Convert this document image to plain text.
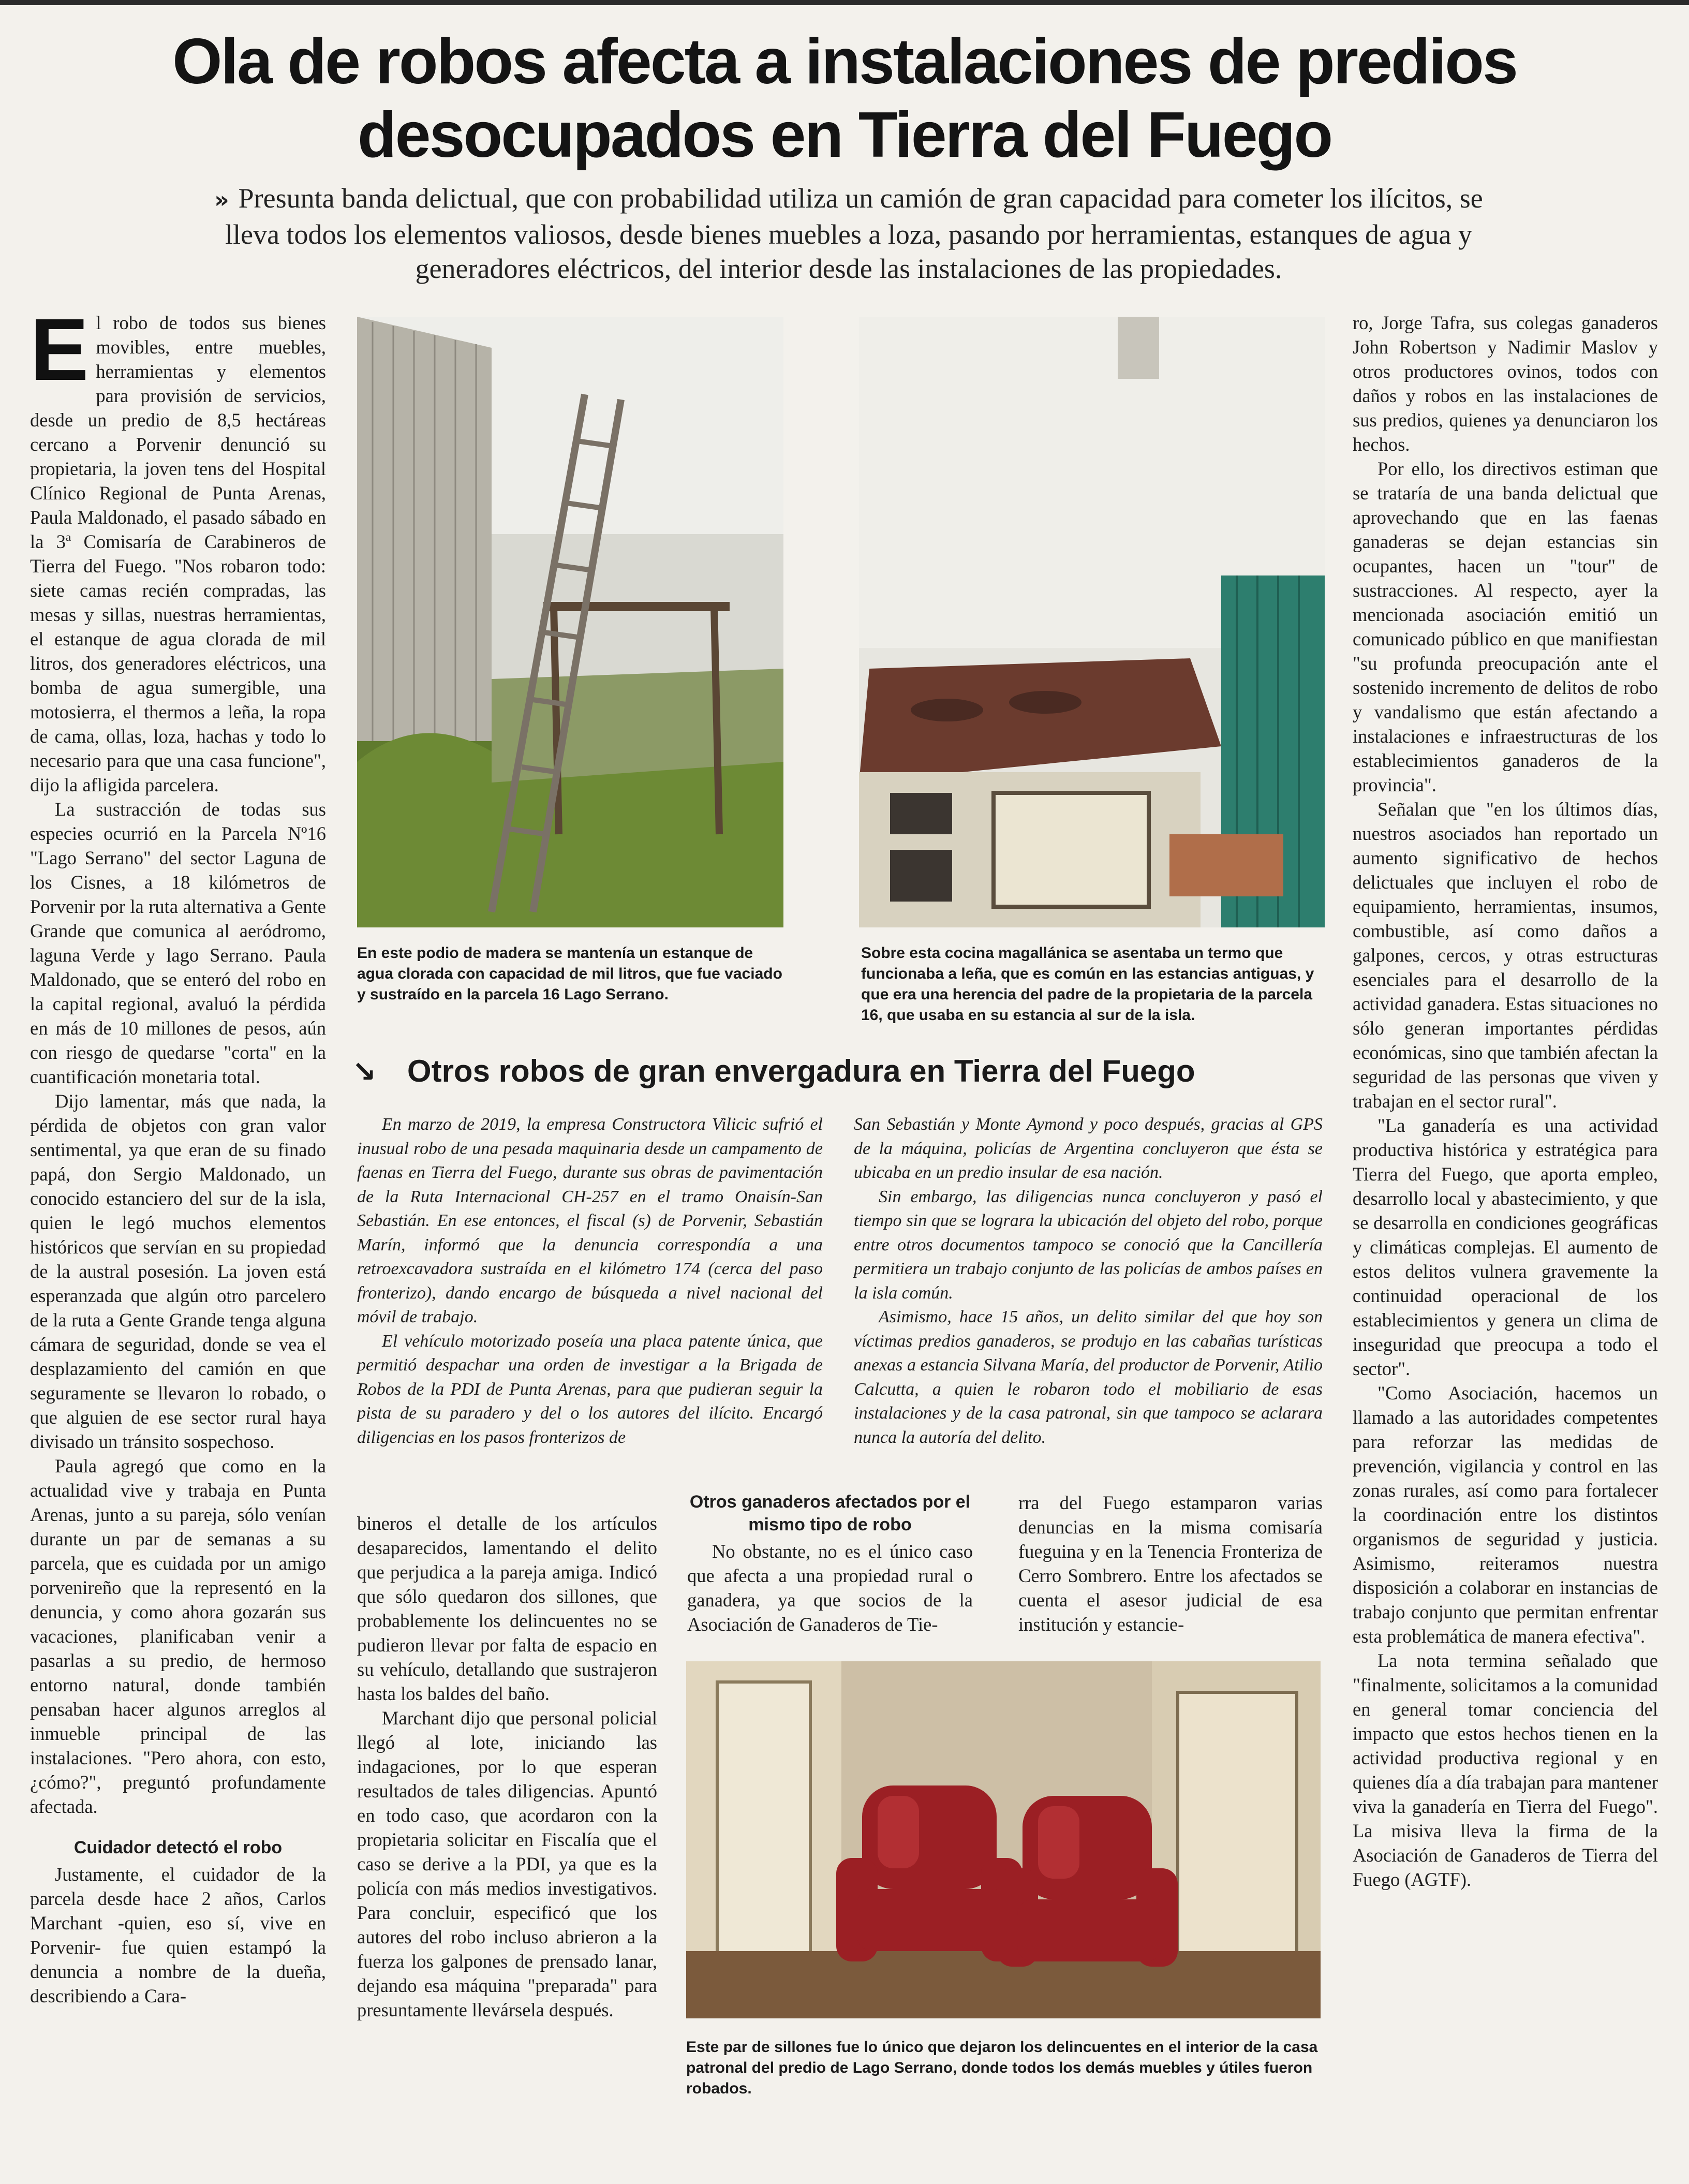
Ola de robos afecta a instalaciones de predios desocupados en Tierra del Fuego
» Presunta banda delictual, que con probabilidad utiliza un camión de gran capacidad para cometer los ilícitos, se lleva todos los elementos valiosos, desde bienes muebles a loza, pasando por herramientas, estanques de agua y generadores eléctricos, del interior desde las instalaciones de las propiedades.

El robo de todos sus bienes movibles, entre muebles, herramientas y elementos para provisión de servicios, desde un predio de 8,5 hectáreas cercano a Porvenir denunció su propietaria, la joven tens del Hospital Clínico Regional de Punta Arenas, Paula Maldonado, el pasado sábado en la 3ª Comisaría de Carabineros de Tierra del Fuego. "Nos robaron todo: siete camas recién compradas, las mesas y sillas, nuestras herramientas, el estanque de agua clorada de mil litros, dos generadores eléctricos, una bomba de agua sumergible, una motosierra, el thermos a leña, la ropa de cama, ollas, loza, hachas y todo lo necesario para que una casa funcione", dijo la afligida parcelera.

La sustracción de todas sus especies ocurrió en la Parcela Nº16 "Lago Serrano" del sector Laguna de los Cisnes, a 18 kilómetros de Porvenir por la ruta alternativa a Gente Grande que comunica al aeródromo, laguna Verde y lago Serrano. Paula Maldonado, que se enteró del robo en la capital regional, avaluó la pérdida en más de 10 millones de pesos, aún con riesgo de quedarse "corta" en la cuantificación monetaria total.

Dijo lamentar, más que nada, la pérdida de objetos con gran valor sentimental, ya que eran de su finado papá, don Sergio Maldonado, un conocido estanciero del sur de la isla, quien le legó muchos elementos históricos que servían en su propiedad de la austral posesión. La joven está esperanzada que algún otro parcelero de la ruta a Gente Grande tenga alguna cámara de seguridad, donde se vea el desplazamiento del camión en que seguramente se llevaron lo robado, o que alguien de ese sector rural haya divisado un tránsito sospechoso.

Paula agregó que como en la actualidad vive y trabaja en Punta Arenas, junto a su pareja, sólo venían durante un par de semanas a su parcela, que es cuidada por un amigo porvenireño que la representó en la denuncia, y como ahora gozarán sus vacaciones, planificaban venir a pasarlas a su predio, de hermoso entorno natural, donde también pensaban hacer algunos arreglos al inmueble principal de las instalaciones. "Pero ahora, con esto, ¿cómo?", preguntó profundamente afectada.

Cuidador detectó el robo

Justamente, el cuidador de la parcela desde hace 2 años, Carlos Marchant -quien, eso sí, vive en Porvenir- fue quien estampó la denuncia a nombre de la dueña, describiendo a Cara-

En este podio de madera se mantenía un estanque de agua clorada con capacidad de mil litros, que fue vaciado y sustraído en la parcela 16 Lago Serrano.
Sobre esta cocina magallánica se asentaba un termo que funcionaba a leña, que es común en las estancias antiguas, y que era una herencia del padre de la propietaria de la parcela 16, que usaba en su estancia al sur de la isla.
↘ Otros robos de gran envergadura en Tierra del Fuego

En marzo de 2019, la empresa Constructora Vilicic sufrió el inusual robo de una pesada maquinaria desde un campamento de faenas en Tierra del Fuego, durante sus obras de pavimentación de la Ruta Internacional CH-257 en el tramo Onaisín-San Sebastián. En ese entonces, el fiscal (s) de Porvenir, Sebastián Marín, informó que la denuncia correspondía a una retroexcavadora sustraída en el kilómetro 174 (cerca del paso fronterizo), dando encargo de búsqueda a nivel nacional del móvil de trabajo.

El vehículo motorizado poseía una placa patente única, que permitió despachar una orden de investigar a la Brigada de Robos de la PDI de Punta Arenas, para que pudieran seguir la pista de su paradero y del o los autores del ilícito. Encargó diligencias en los pasos fronterizos de

San Sebastián y Monte Aymond y poco después, gracias al GPS de la máquina, policías de Argentina concluyeron que ésta se ubicaba en un predio insular de esa nación.

Sin embargo, las diligencias nunca concluyeron y pasó el tiempo sin que se lograra la ubicación del objeto del robo, porque entre otros documentos tampoco se conoció que la Cancillería permitiera un trabajo conjunto de las policías de ambos países en la isla común.

Asimismo, hace 15 años, un delito similar del que hoy son víctimas predios ganaderos, se produjo en las cabañas turísticas anexas a estancia Silvana María, del productor de Porvenir, Atilio Calcutta, a quien le robaron todo el mobiliario de esas instalaciones y de la casa patronal, sin que tampoco se aclarara nunca la autoría del delito.

bineros el detalle de los artículos desaparecidos, lamentando el delito que perjudica a la pareja amiga. Indicó que sólo quedaron dos sillones, que probablemente los delincuentes no se pudieron llevar por falta de espacio en su vehículo, detallando que sustrajeron hasta los baldes del baño.

Marchant dijo que personal policial llegó al lote, iniciando las indagaciones, por lo que esperan resultados de tales diligencias. Apuntó en todo caso, que acordaron con la propietaria solicitar en Fiscalía que el caso se derive a la PDI, ya que es la policía con más medios investigativos. Para concluir, especificó que los autores del robo incluso abrieron a la fuerza los galpones de prensado lanar, dejando esa máquina "preparada" para presuntamente llevársela después.

Otros ganaderos afectados por el mismo tipo de robo

No obstante, no es el único caso que afecta a una propiedad rural o ganadera, ya que socios de la Asociación de Ganaderos de Tie-

rra del Fuego estamparon varias denuncias en la misma comisaría fueguina y en la Tenencia Fronteriza de Cerro Sombrero. Entre los afectados se cuenta el asesor judicial de esa institución y estancie-

Este par de sillones fue lo único que dejaron los delincuentes en el interior de la casa patronal del predio de Lago Serrano, donde todos los demás muebles y útiles fueron robados.

ro, Jorge Tafra, sus colegas ganaderos John Robertson y Nadimir Maslov y otros productores ovinos, todos con daños y robos en las instalaciones de sus predios, quienes ya denunciaron los hechos.

Por ello, los directivos estiman que se trataría de una banda delictual que aprovechando que en las faenas ganaderas se dejan estancias sin ocupantes, hacen un "tour" de sustracciones. Al respecto, ayer la mencionada asociación emitió un comunicado público en que manifiestan "su profunda preocupación ante el sostenido incremento de delitos de robo y vandalismo que están afectando a instalaciones e infraestructuras de los establecimientos ganaderos de la provincia".

Señalan que "en los últimos días, nuestros asociados han reportado un aumento significativo de hechos delictuales que incluyen el robo de equipamiento, herramientas, insumos, combustible, así como daños a galpones, cercos, y otras estructuras esenciales para el desarrollo de la actividad ganadera. Estas situaciones no sólo generan importantes pérdidas económicas, sino que también afectan la seguridad de las personas que viven y trabajan en el sector rural".

"La ganadería es una actividad productiva histórica y estratégica para Tierra del Fuego, que aporta empleo, desarrollo local y abastecimiento, y que se desarrolla en condiciones geográficas y climáticas complejas. El aumento de estos delitos vulnera gravemente la continuidad operacional de los establecimientos y genera un clima de inseguridad que preocupa a todo el sector".

"Como Asociación, hacemos un llamado a las autoridades competentes para reforzar las medidas de prevención, vigilancia y control en las zonas rurales, así como para fortalecer la coordinación entre los distintos organismos de seguridad y justicia. Asimismo, reiteramos nuestra disposición a colaborar en instancias de trabajo conjunto que permitan enfrentar esta problemática de manera efectiva".

La nota termina señalado que "finalmente, solicitamos a la comunidad en general tomar conciencia del impacto que estos hechos tienen en la actividad productiva regional y en quienes día a día trabajan para mantener viva la ganadería en Tierra del Fuego". La misiva lleva la firma de la Asociación de Ganaderos de Tierra del Fuego (AGTF).
